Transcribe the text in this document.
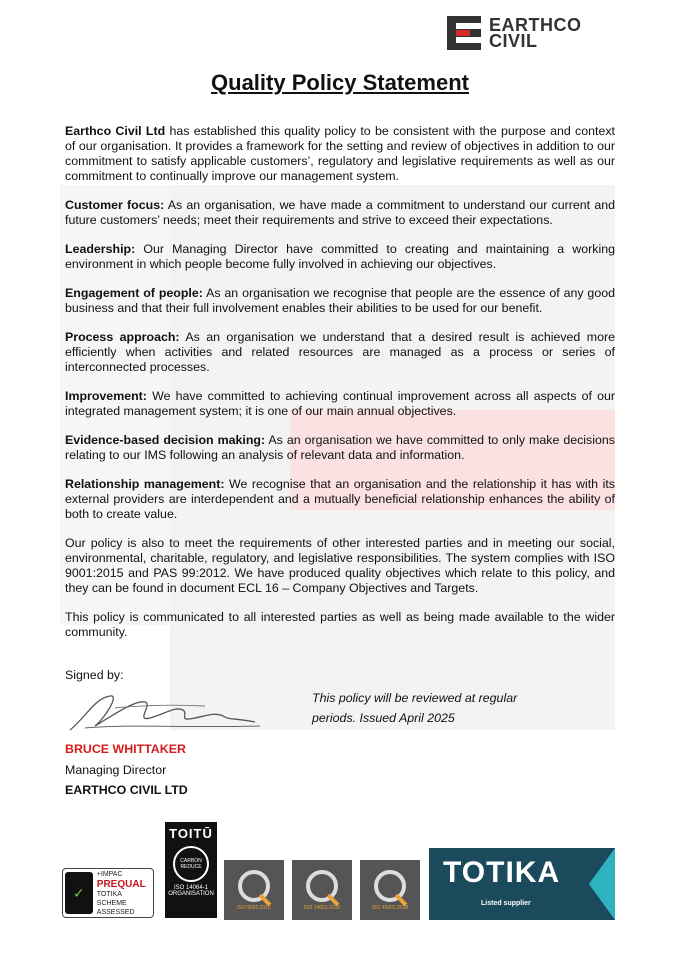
EARTHCO
CIVIL
Quality Policy Statement

Earthco Civil Ltd has established this quality policy to be consistent with the purpose and context of our organisation. It provides a framework for the setting and review of objectives in addition to our commitment to satisfy applicable customers’, regulatory and legislative requirements as well as our commitment to continually improve our management system.

Customer focus: As an organisation, we have made a commitment to understand our current and future customers’ needs; meet their requirements and strive to exceed their expectations.

Leadership: Our Managing Director have committed to creating and maintaining a working environment in which people become fully involved in achieving our objectives.

Engagement of people: As an organisation we recognise that people are the essence of any good business and that their full involvement enables their abilities to be used for our benefit.

Process approach: As an organisation we understand that a desired result is achieved more efficiently when activities and related resources are managed as a process or series of interconnected processes.

Improvement: We have committed to achieving continual improvement across all aspects of our integrated management system; it is one of our main annual objectives.

Evidence-based decision making: As an organisation we have committed to only make decisions relating to our IMS following an analysis of relevant data and information.

Relationship management: We recognise that an organisation and the relationship it has with its external providers are interdependent and a mutually beneficial relationship enhances the ability of both to create value.

Our policy is also to meet the requirements of other interested parties and in meeting our social, environmental, charitable, regulatory, and legislative responsibilities. The system complies with ISO 9001:2015 and PAS 99:2012. We have produced quality objectives which relate to this policy, and they can be found in document ECL 16 – Company Objectives and Targets.

This policy is communicated to all interested parties as well as being made available to the wider community.

Signed by:
This policy will be reviewed at regular periods. Issued April 2025
BRUCE WHITTAKER
Managing Director
EARTHCO CIVIL LTD
✓
+IMPAC
PREQUAL
TOTIKA SCHEME
ASSESSED
TOITŪ
CARBON REDUCE
ISO 14064-1 ORGANISATION
ISO 9001:2015	ISO 14001:2015	ISO 45001:2018
TOTIKA
Listed supplier
